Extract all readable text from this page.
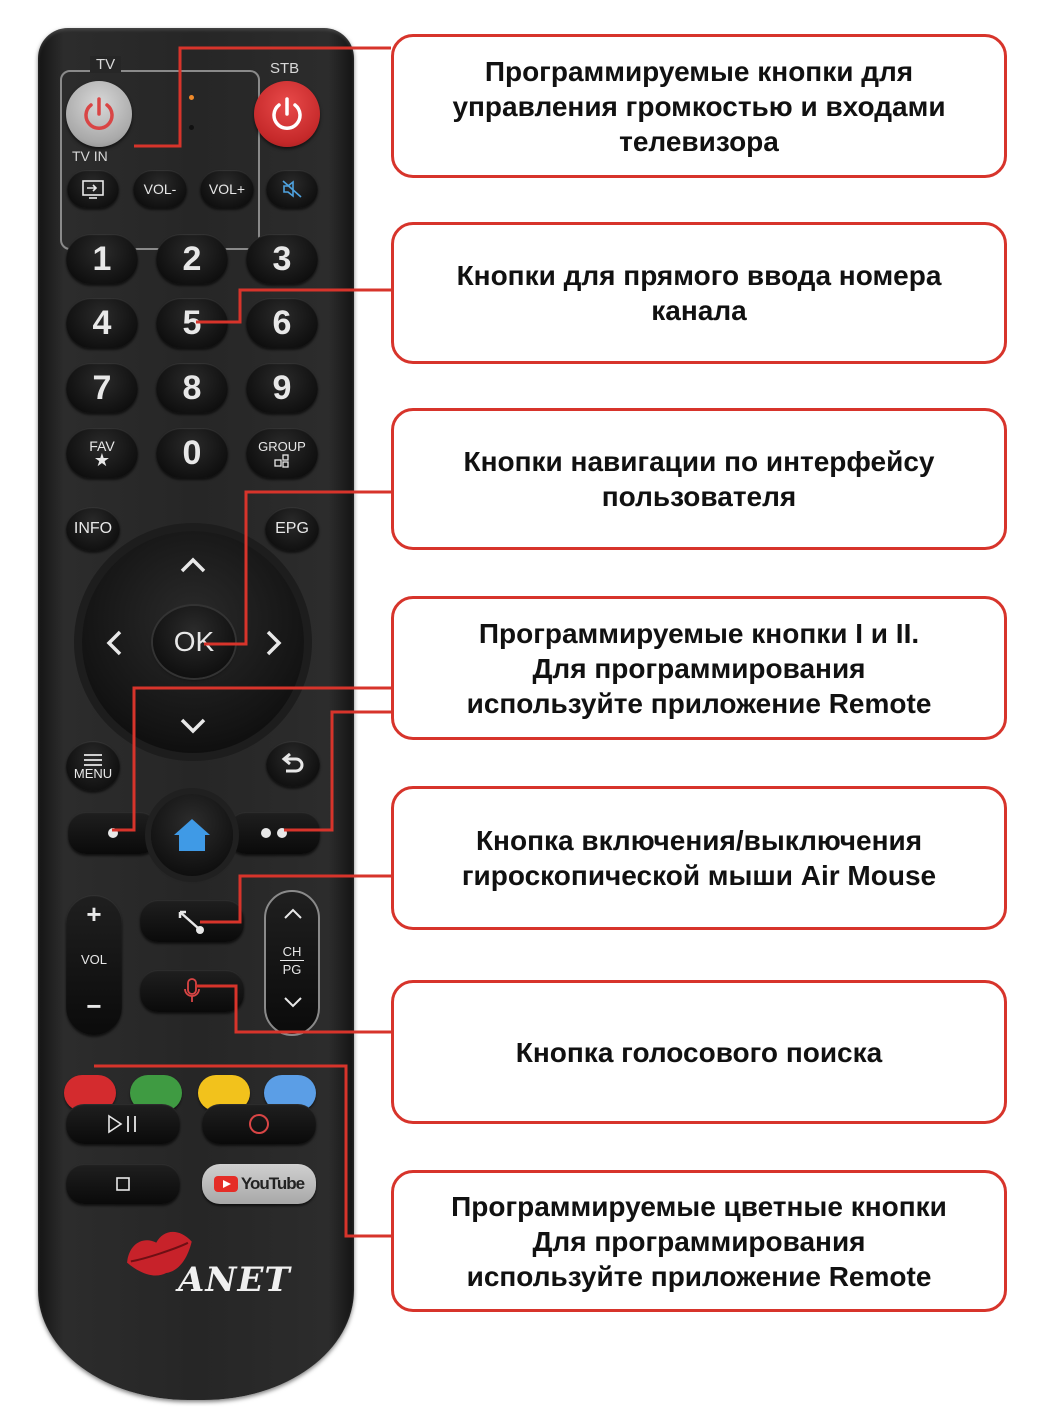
TV	STB
TV IN
VOL-	VOL+
1	2	3
4	5	6
7	8	9
FAV
★	0	GROUP
INFO	EPG
OK
MENU
+
VOL
−
CH
PG
YouTube
ANET
Программируемые кнопки для
управления громкостью и входами
телевизора
Кнопки для прямого ввода номера
канала
Кнопки навигации по интерфейсу
пользователя
Программируемые кнопки I и II.
Для программирования
используйте приложение Remote
Кнопка включения/выключения
гироскопической мыши Air Mouse
Кнопка голосового поиска
Программируемые цветные кнопки
Для программирования
используйте приложение Remote
